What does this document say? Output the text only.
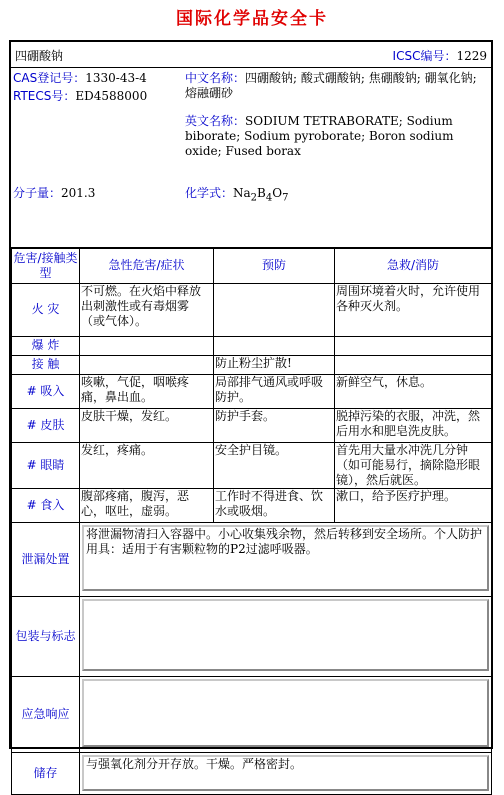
国际化学品安全卡
四硼酸钠	ICSC编号：1229
CAS登记号：1330-43-4
RTECS号：ED4588000
中文名称：四硼酸钠; 酸式硼酸钠; 焦硼酸钠; 硼氧化钠;熔融硼砂
英文名称：SODIUM TETRABORATE; Sodium biborate; Sodium pyroborate; Boron sodium oxide; Fused borax
分子量：201.3	化学式：$Na_2B_4O_7$
危害/接触类型	急性危害/症状	预防	急救/消防
火 灾	不可燃。在火焰中释放出刺激性或有毒烟雾（或气体）。		周围环境着火时，允许使用各种灭火剂。
爆 炸			
接 触		防止粉尘扩散!	
# 吸入	咳嗽，气促，咽喉疼痛，鼻出血。	局部排气通风或呼吸防护。	新鲜空气，休息。
# 皮肤	皮肤干燥，发红。	防护手套。	脱掉污染的衣服，冲洗，然后用水和肥皂洗皮肤。
# 眼睛	发红，疼痛。	安全护目镜。	首先用大量水冲洗几分钟（如可能易行，摘除隐形眼镜），然后就医。
# 食入	腹部疼痛，腹泻，恶心，呕吐，虚弱。	工作时不得进食、饮水或吸烟。	漱口，给予医疗护理。
泄漏处置	将泄漏物清扫入容器中。小心收集残余物，然后转移到安全场所。个人防护用具：适用于有害颗粒物的P2过滤呼吸器。		

包装与标志			

应急响应			

储存	与强氧化剂分开存放。干燥。严格密封。		
